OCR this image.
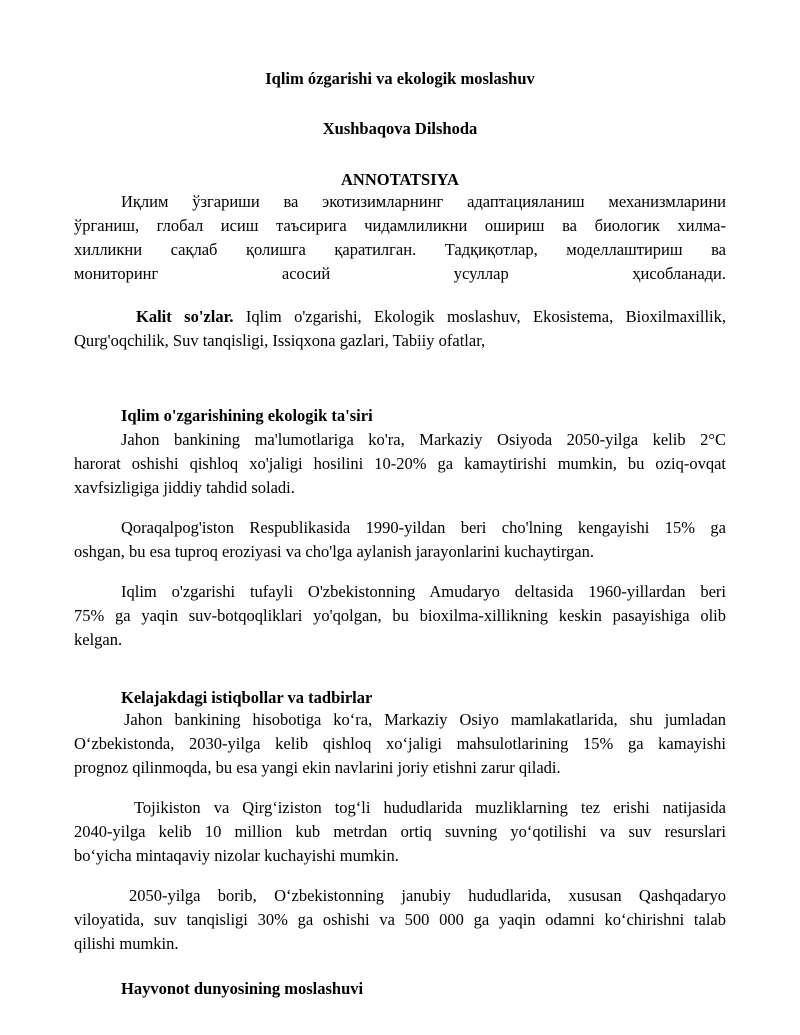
Iqlim ózgarishi va ekologik moslashuv
Xushbaqova Dilshoda
ANNOTATSIYA
Иқлим ўзгариши ва экотизимларнинг адаптацияланиш механизмларини
ўрганиш, глобал исиш таъсирига чидамлиликни ошириш ва биологик хилма-
хилликни сақлаб қолишга қаратилган. Тадқиқотлар, моделлаштириш ва
мониторинг асосий усуллар ҳисобланади.
Kalit so'zlar. Iqlim o'zgarishi, Ekologik moslashuv, Ekosistema, Bioxilmaxillik,
Qurg'oqchilik, Suv tanqisligi, Issiqxona gazlari, Tabiiy ofatlar,
Iqlim o'zgarishining ekologik ta'siri
Jahon bankining ma'lumotlariga ko'ra, Markaziy Osiyoda 2050-yilga kelib 2°C
harorat oshishi qishloq xo'jaligi hosilini 10-20% ga kamaytirishi mumkin, bu oziq-ovqat
xavfsizligiga jiddiy tahdid soladi.
Qoraqalpog'iston Respublikasida 1990-yildan beri cho'lning kengayishi 15% ga
oshgan, bu esa tuproq eroziyasi va cho'lga aylanish jarayonlarini kuchaytirgan.
Iqlim o'zgarishi tufayli O'zbekistonning Amudaryo deltasida 1960-yillardan beri
75% ga yaqin suv-botqoqliklari yo'qolgan, bu bioxilma-xillikning keskin pasayishiga olib
kelgan.
Kelajakdagi istiqbollar va tadbirlar
Jahon bankining hisobotiga ko‘ra, Markaziy Osiyo mamlakatlarida, shu jumladan
O‘zbekistonda, 2030-yilga kelib qishloq xo‘jaligi mahsulotlarining 15% ga kamayishi
prognoz qilinmoqda, bu esa yangi ekin navlarini joriy etishni zarur qiladi.
Tojikiston va Qirg‘iziston tog‘li hududlarida muzliklarning tez erishi natijasida
2040-yilga kelib 10 million kub metrdan ortiq suvning yo‘qotilishi va suv resurslari
bo‘yicha mintaqaviy nizolar kuchayishi mumkin.
2050-yilga borib, O‘zbekistonning janubiy hududlarida, xususan Qashqadaryo
viloyatida, suv tanqisligi 30% ga oshishi va 500 000 ga yaqin odamni ko‘chirishni talab
qilishi mumkin.
Hayvonot dunyosining moslashuvi
